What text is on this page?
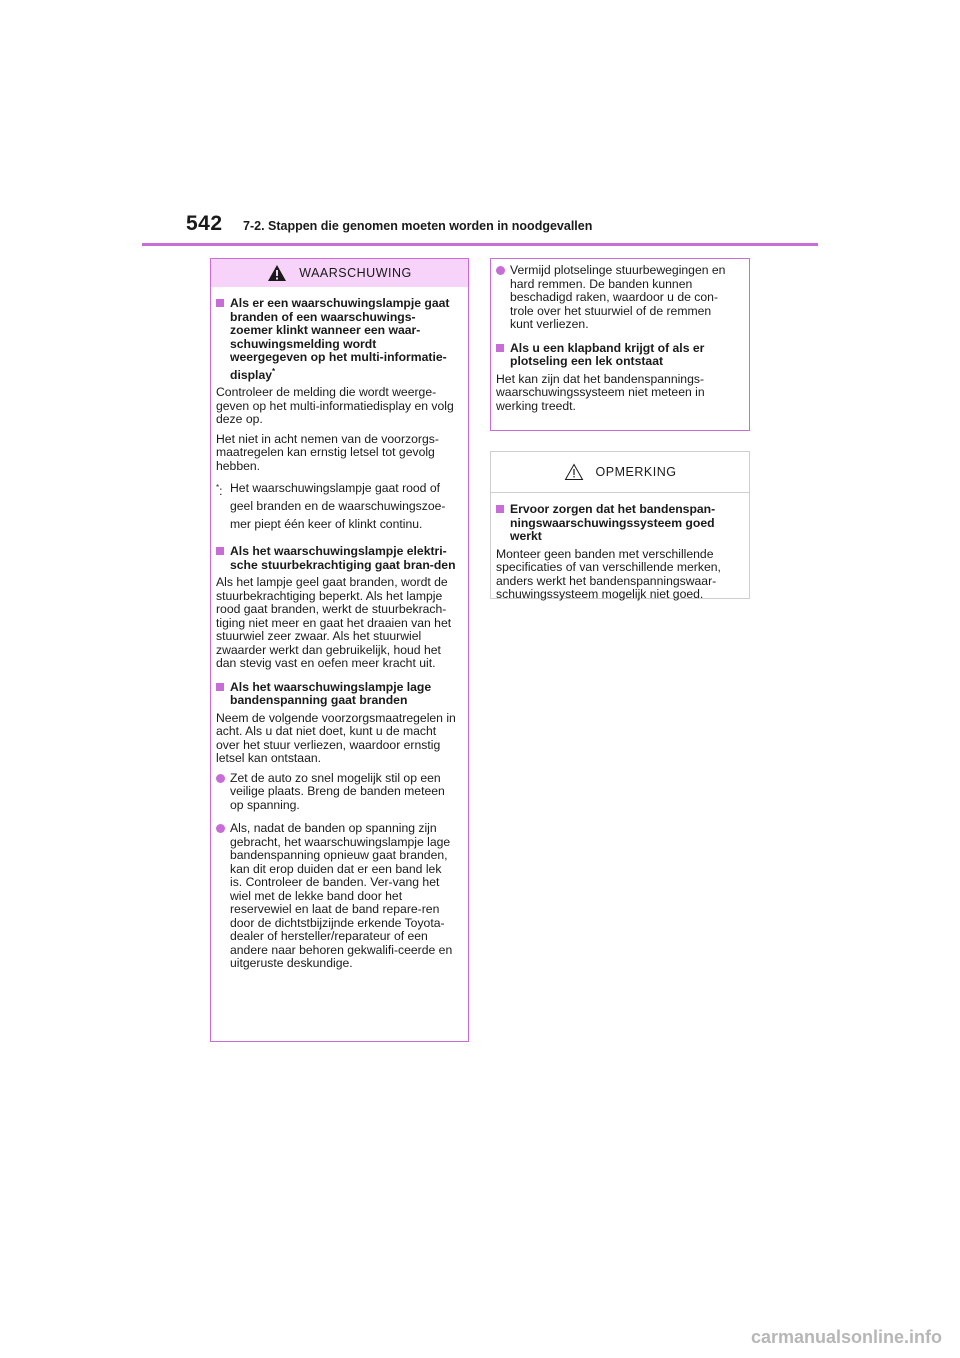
542 7-2. Stappen die genomen moeten worden in noodgevallen
WAARSCHUWING
Als er een waarschuwingslampje gaat branden of een waarschuwings-zoemer klinkt wanneer een waar-schuwingsmelding wordt weergegeven op het multi-informatie-display*

Controleer de melding die wordt weerge-geven op het multi-informatiedisplay en volg deze op.

Het niet in acht nemen van de voorzorgs-maatregelen kan ernstig letsel tot gevolg hebben.

*: Het waarschuwingslampje gaat rood of geel branden en de waarschuwingszoe-mer piept één keer of klinkt continu.
Als het waarschuwingslampje elektri-sche stuurbekrachtiging gaat bran-den

Als het lampje geel gaat branden, wordt de stuurbekrachtiging beperkt. Als het lampje rood gaat branden, werkt de stuurbekrach-tiging niet meer en gaat het draaien van het stuurwiel zeer zwaar. Als het stuurwiel zwaarder werkt dan gebruikelijk, houd het dan stevig vast en oefen meer kracht uit.

Als het waarschuwingslampje lage bandenspanning gaat branden

Neem de volgende voorzorgsmaatregelen in acht. Als u dat niet doet, kunt u de macht over het stuur verliezen, waardoor ernstig letsel kan ontstaan.

Zet de auto zo snel mogelijk stil op een veilige plaats. Breng de banden meteen op spanning.
Als, nadat de banden op spanning zijn gebracht, het waarschuwingslampje lage bandenspanning opnieuw gaat branden, kan dit erop duiden dat er een band lek is. Controleer de banden. Ver-vang het wiel met de lekke band door het reservewiel en laat de band repare-ren door de dichtstbijzijnde erkende Toyota-dealer of hersteller/reparateur of een andere naar behoren gekwalifi-ceerde en uitgeruste deskundige.
Vermijd plotselinge stuurbewegingen en hard remmen. De banden kunnen beschadigd raken, waardoor u de con-trole over het stuurwiel of de remmen kunt verliezen.
Als u een klapband krijgt of als er plotseling een lek ontstaat

Het kan zijn dat het bandenspannings-waarschuwingssysteem niet meteen in werking treedt.

OPMERKING
Ervoor zorgen dat het bandenspan-ningswaarschuwingssysteem goed werkt

Monteer geen banden met verschillende specificaties of van verschillende merken, anders werkt het bandenspanningswaar-schuwingssysteem mogelijk niet goed.

carmanualsonline.info
